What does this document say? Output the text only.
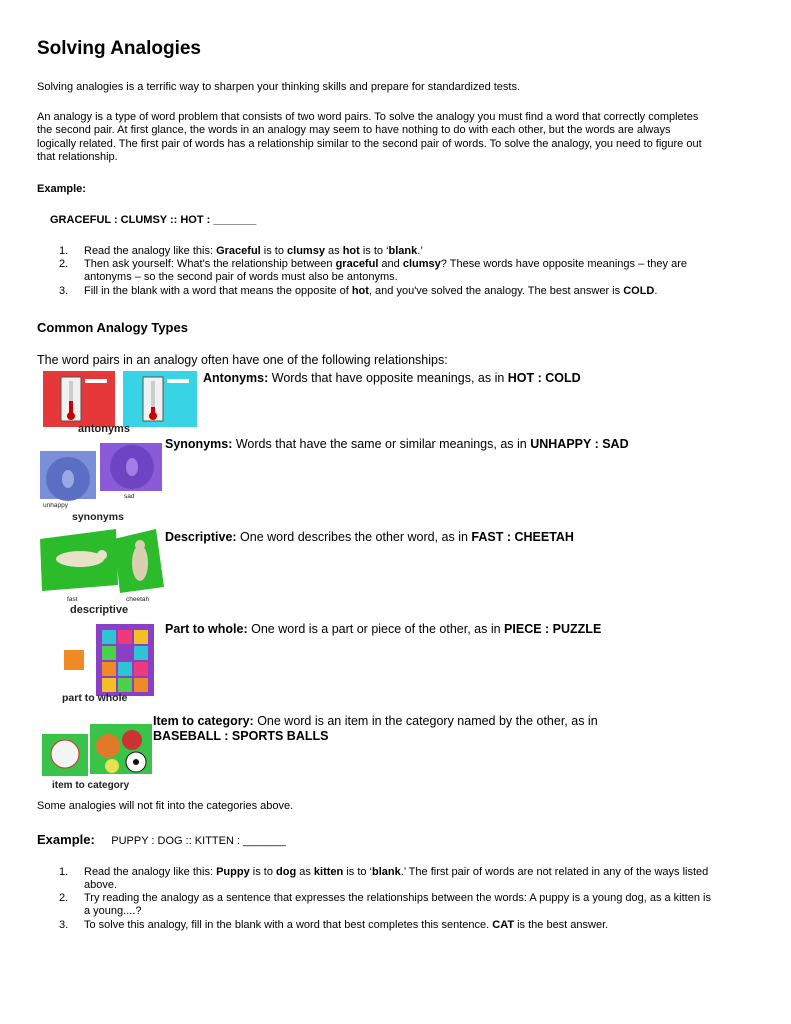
Solving Analogies
Solving analogies is a terrific way to sharpen your thinking skills and prepare for standardized tests.
An analogy is a type of word problem that consists of two word pairs. To solve the analogy you must find a word that correctly completes
the second pair. At first glance, the words in an analogy may seem to have nothing to do with each other, but the words are always
logically related. The first pair of words has a relationship similar to the second pair of words. To solve the analogy, you need to figure out
that relationship.
Example:
GRACEFUL : CLUMSY :: HOT : _______
1. Read the analogy like this: Graceful is to clumsy as hot is to ‘blank.’
2. Then ask yourself: What's the relationship between graceful and clumsy? These words have opposite meanings – they are
antonyms – so the second pair of words must also be antonyms.
3. Fill in the blank with a word that means the opposite of hot, and you've solved the analogy. The best answer is COLD.
Common Analogy Types
The word pairs in an analogy often have one of the following relationships:
antonyms
Antonyms: Words that have opposite meanings, as in HOT : COLD
unhappy
sad
synonyms
Synonyms: Words that have the same or similar meanings, as in UNHAPPY : SAD
fast	cheetah
descriptive
Descriptive: One word describes the other word, as in FAST : CHEETAH
part to whole
Part to whole: One word is a part or piece of the other, as in PIECE : PUZZLE
item to category
Item to category: One word is an item in the category named by the other, as in
BASEBALL : SPORTS BALLS
Some analogies will not fit into the categories above.
Example: PUPPY : DOG :: KITTEN : _______
1. Read the analogy like this: Puppy is to dog as kitten is to ‘blank.’ The first pair of words are not related in any of the ways listed
above.
2. Try reading the analogy as a sentence that expresses the relationships between the words: A puppy is a young dog, as a kitten is
a young....?
3. To solve this analogy, fill in the blank with a word that best completes this sentence. CAT is the best answer.
